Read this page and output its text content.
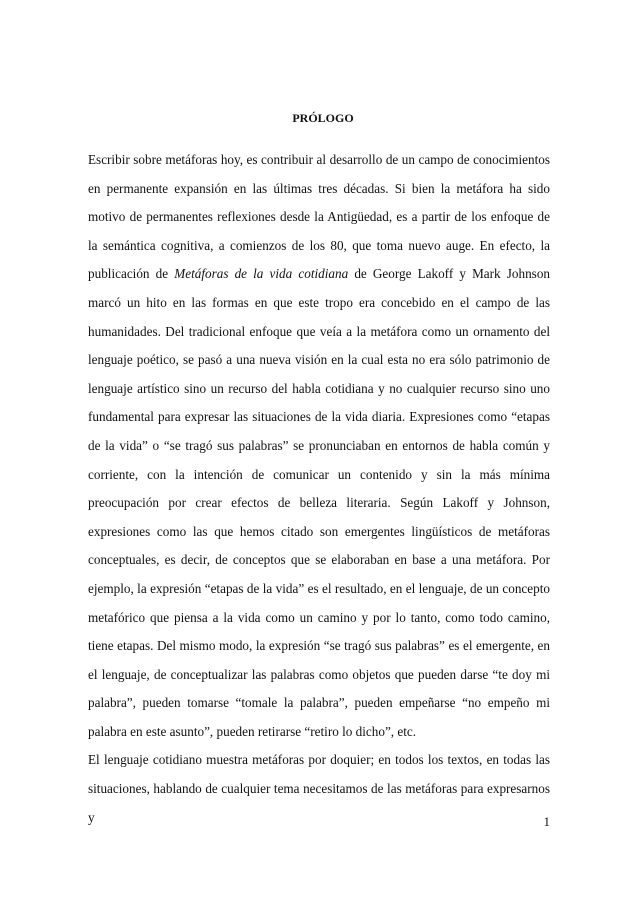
PRÓLOGO

Escribir sobre metáforas hoy, es contribuir al desarrollo de un campo de conocimientos en permanente expansión en las últimas tres décadas. Si bien la metáfora ha sido motivo de permanentes reflexiones desde la Antigüedad, es a partir de los enfoque de la semántica cognitiva, a comienzos de los 80, que toma nuevo auge. En efecto, la publicación de Metáforas de la vida cotidiana de George Lakoff y Mark Johnson marcó un hito en las formas en que este tropo era concebido en el campo de las humanidades. Del tradicional enfoque que veía a la metáfora como un ornamento del lenguaje poético, se pasó a una nueva visión en la cual esta no era sólo patrimonio de lenguaje artístico sino un recurso del habla cotidiana y no cualquier recurso sino uno fundamental para expresar las situaciones de la vida diaria. Expresiones como “etapas de la vida” o “se tragó sus palabras” se pronunciaban en entornos de habla común y corriente, con la intención de comunicar un contenido y sin la más mínima preocupación por crear efectos de belleza literaria. Según Lakoff y Johnson, expresiones como las que hemos citado son emergentes lingüísticos de metáforas conceptuales, es decir, de conceptos que se elaboraban en base a una metáfora. Por ejemplo, la expresión “etapas de la vida” es el resultado, en el lenguaje, de un concepto metafórico que piensa a la vida como un camino y por lo tanto, como todo camino, tiene etapas. Del mismo modo, la expresión “se tragó sus palabras” es el emergente, en el lenguaje, de conceptualizar las palabras como objetos que pueden darse “te doy mi palabra”, pueden tomarse “tomale la palabra”, pueden empeñarse “no empeño mi palabra en este asunto”, pueden retirarse “retiro lo dicho”, etc.

El lenguaje cotidiano muestra metáforas por doquier; en todos los textos, en todas las situaciones, hablando de cualquier tema necesitamos de las metáforas para expresarnos y	1
